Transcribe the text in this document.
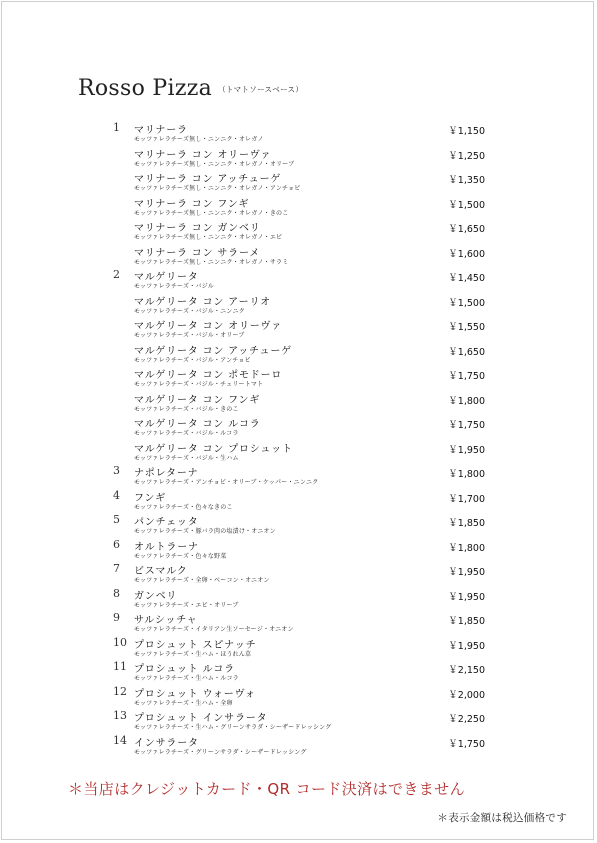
Rosso Pizza $^{(トマトソースベース)}$
1 マリナーラ
モッツァレラチーズ無し・ニンニク・オレガノ
￥1,150
マリナーラ コン オリーヴァ
モッツァレラチーズ無し・ニンニク・オレガノ・オリーブ
￥1,250
マリナーラ コン アッチューゲ
モッツァレラチーズ無し・ニンニク・オレガノ・アンチョビ
￥1,350
マリナーラ コン フンギ
モッツァレラチーズ無し・ニンニク・オレガノ・きのこ
￥1,500
マリナーラ コン ガンベリ
モッツァレラチーズ無し・ニンニク・オレガノ・エビ
￥1,650
マリナーラ コン サラーメ
モッツァレラチーズ無し・ニンニク・オレガノ・サラミ
￥1,600
2 マルゲリータ
モッツァレラチーズ・バジル
￥1,450
マルゲリータ コン アーリオ
モッツァレラチーズ・バジル・ニンニク
￥1,500
マルゲリータ コン オリーヴァ
モッツァレラチーズ・バジル・オリーブ
￥1,550
マルゲリータ コン アッチューゲ
モッツァレラチーズ・バジル・アンチョビ
￥1,650
マルゲリータ コン ポモドーロ
モッツァレラチーズ・バジル・チェリートマト
￥1,750
マルゲリータ コン フンギ
モッツァレラチーズ・バジル・きのこ
￥1,800
マルゲリータ コン ルコラ
モッツァレラチーズ・バジル・ルコラ
￥1,750
マルゲリータ コン プロシュット
モッツァレラチーズ・バジル・生ハム
￥1,950
3 ナポレターナ
モッツァレラチーズ・アンチョビ・オリーブ・ケッパー・ニンニク
￥1,800
4 フンギ
モッツァレラチーズ・色々なきのこ
￥1,700
5 パンチェッタ
モッツァレラチーズ・豚バラ肉の塩漬け・オニオン
￥1,850
6 オルトラーナ
モッツァレラチーズ・色々な野菜
￥1,800
7 ビスマルク
モッツァレラチーズ・全卵・ベーコン・オニオン
￥1,950
8 ガンベリ
モッツァレラチーズ・エビ・オリーブ
￥1,950
9 サルシッチャ
モッツァレラチーズ・イタリアン生ソーセージ・オニオン
￥1,850
10 プロシュット スピナッチ
モッツァレラチーズ・生ハム・ほうれん草
￥1,950
11 プロシュット ルコラ
モッツァレラチーズ・生ハム・ルコラ
￥2,150
12 プロシュット ウォーヴォ
モッツァレラチーズ・生ハム・全卵
￥2,000
13 プロシュット インサラータ
モッツァレラチーズ・生ハム・グリーンサラダ・シーザードレッシング
￥2,250
14 インサラータ
モッツァレラチーズ・グリーンサラダ・シーザードレッシング
￥1,750
＊当店はクレジットカード・QR コード決済はできません
＊表示金額は税込価格です
